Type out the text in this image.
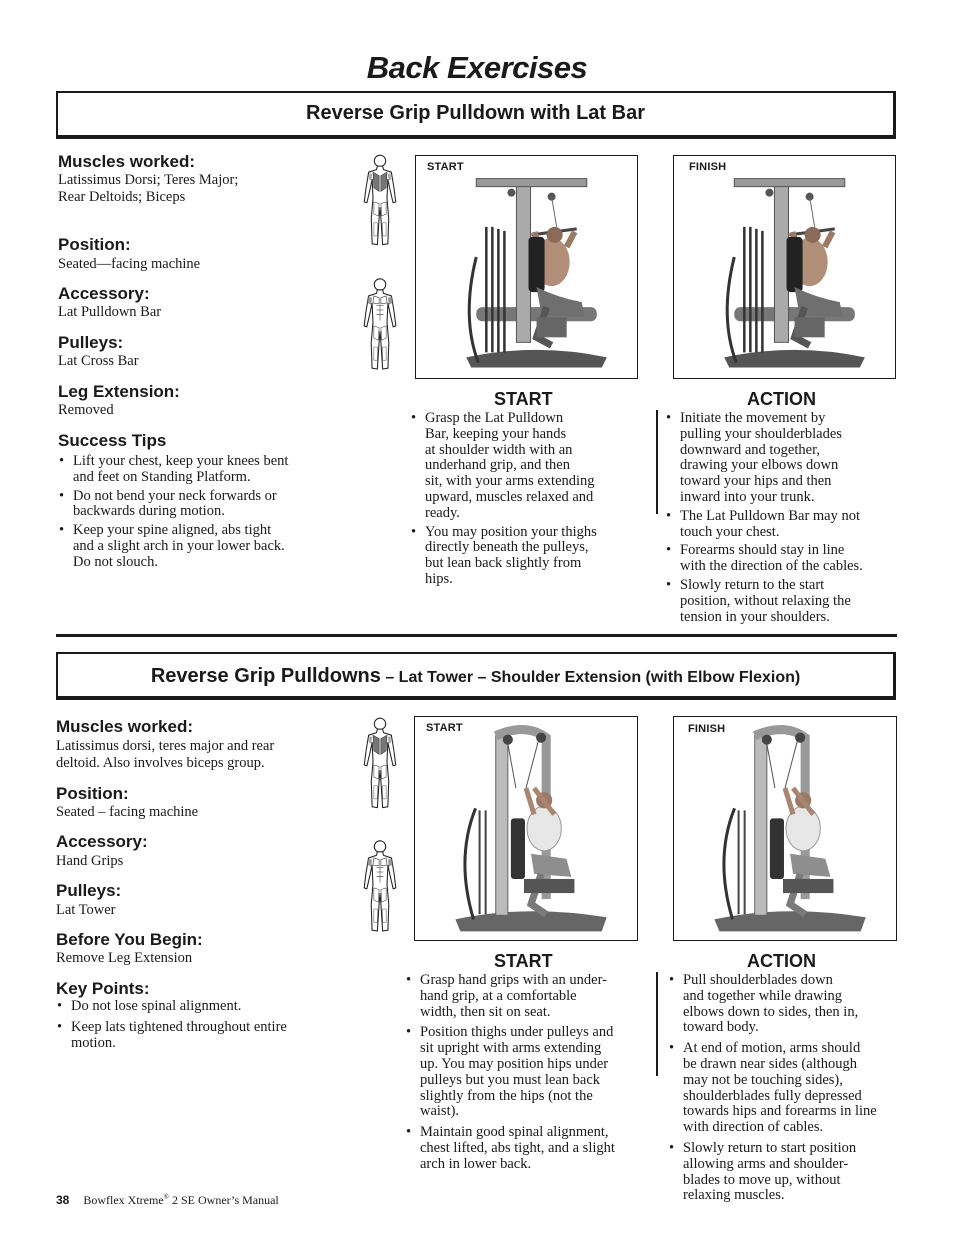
Back Exercises
Reverse Grip Pulldown with Lat Bar
Muscles worked:
Latissimus Dorsi; Teres Major;
Rear Deltoids; Biceps
Position:
Seated—facing machine
Accessory:
Lat Pulldown Bar
Pulleys:
Lat Cross Bar
Leg Extension:
Removed
Success Tips
• Lift your chest, keep your knees bent
and feet on Standing Platform.
• Do not bend your neck forwards or
backwards during motion.
• Keep your spine aligned, abs tight
and a slight arch in your lower back.
Do not slouch.
START	FINISH
START
• Grasp the Lat Pulldown
Bar, keeping your hands
at shoulder width with an
underhand grip, and then
sit, with your arms extending
upward, muscles relaxed and
ready.
• You may position your thighs
directly beneath the pulleys,
but lean back slightly from
hips.
ACTION
• Initiate the movement by
pulling your shoulderblades
downward and together,
drawing your elbows down
toward your hips and then
inward into your trunk.
• The Lat Pulldown Bar may not
touch your chest.
• Forearms should stay in line
with the direction of the cables.
• Slowly return to the start
position, without relaxing the
tension in your shoulders.
Reverse Grip Pulldowns – Lat Tower – Shoulder Extension (with Elbow Flexion)
Muscles worked:
Latissimus dorsi, teres major and rear
deltoid. Also involves biceps group.
Position:
Seated – facing machine
Accessory:
Hand Grips
Pulleys:
Lat Tower
Before You Begin:
Remove Leg Extension
Key Points:
• Do not lose spinal alignment.
• Keep lats tightened throughout entire
motion.
START	FINISH
START
• Grasp hand grips with an under-
hand grip, at a comfortable
width, then sit on seat.
• Position thighs under pulleys and
sit upright with arms extending
up. You may position hips under
pulleys but you must lean back
slightly from the hips (not the
waist).
• Maintain good spinal alignment,
chest lifted, abs tight, and a slight
arch in lower back.
ACTION
• Pull shoulderblades down
and together while drawing
elbows down to sides, then in,
toward body.
• At end of motion, arms should
be drawn near sides (although
may not be touching sides),
shoulderblades fully depressed
towards hips and forearms in line
with direction of cables.
• Slowly return to start position
allowing arms and shoulder-
blades to move up, without
relaxing muscles.
38 Bowflex Xtreme® 2 SE Owner’s Manual
